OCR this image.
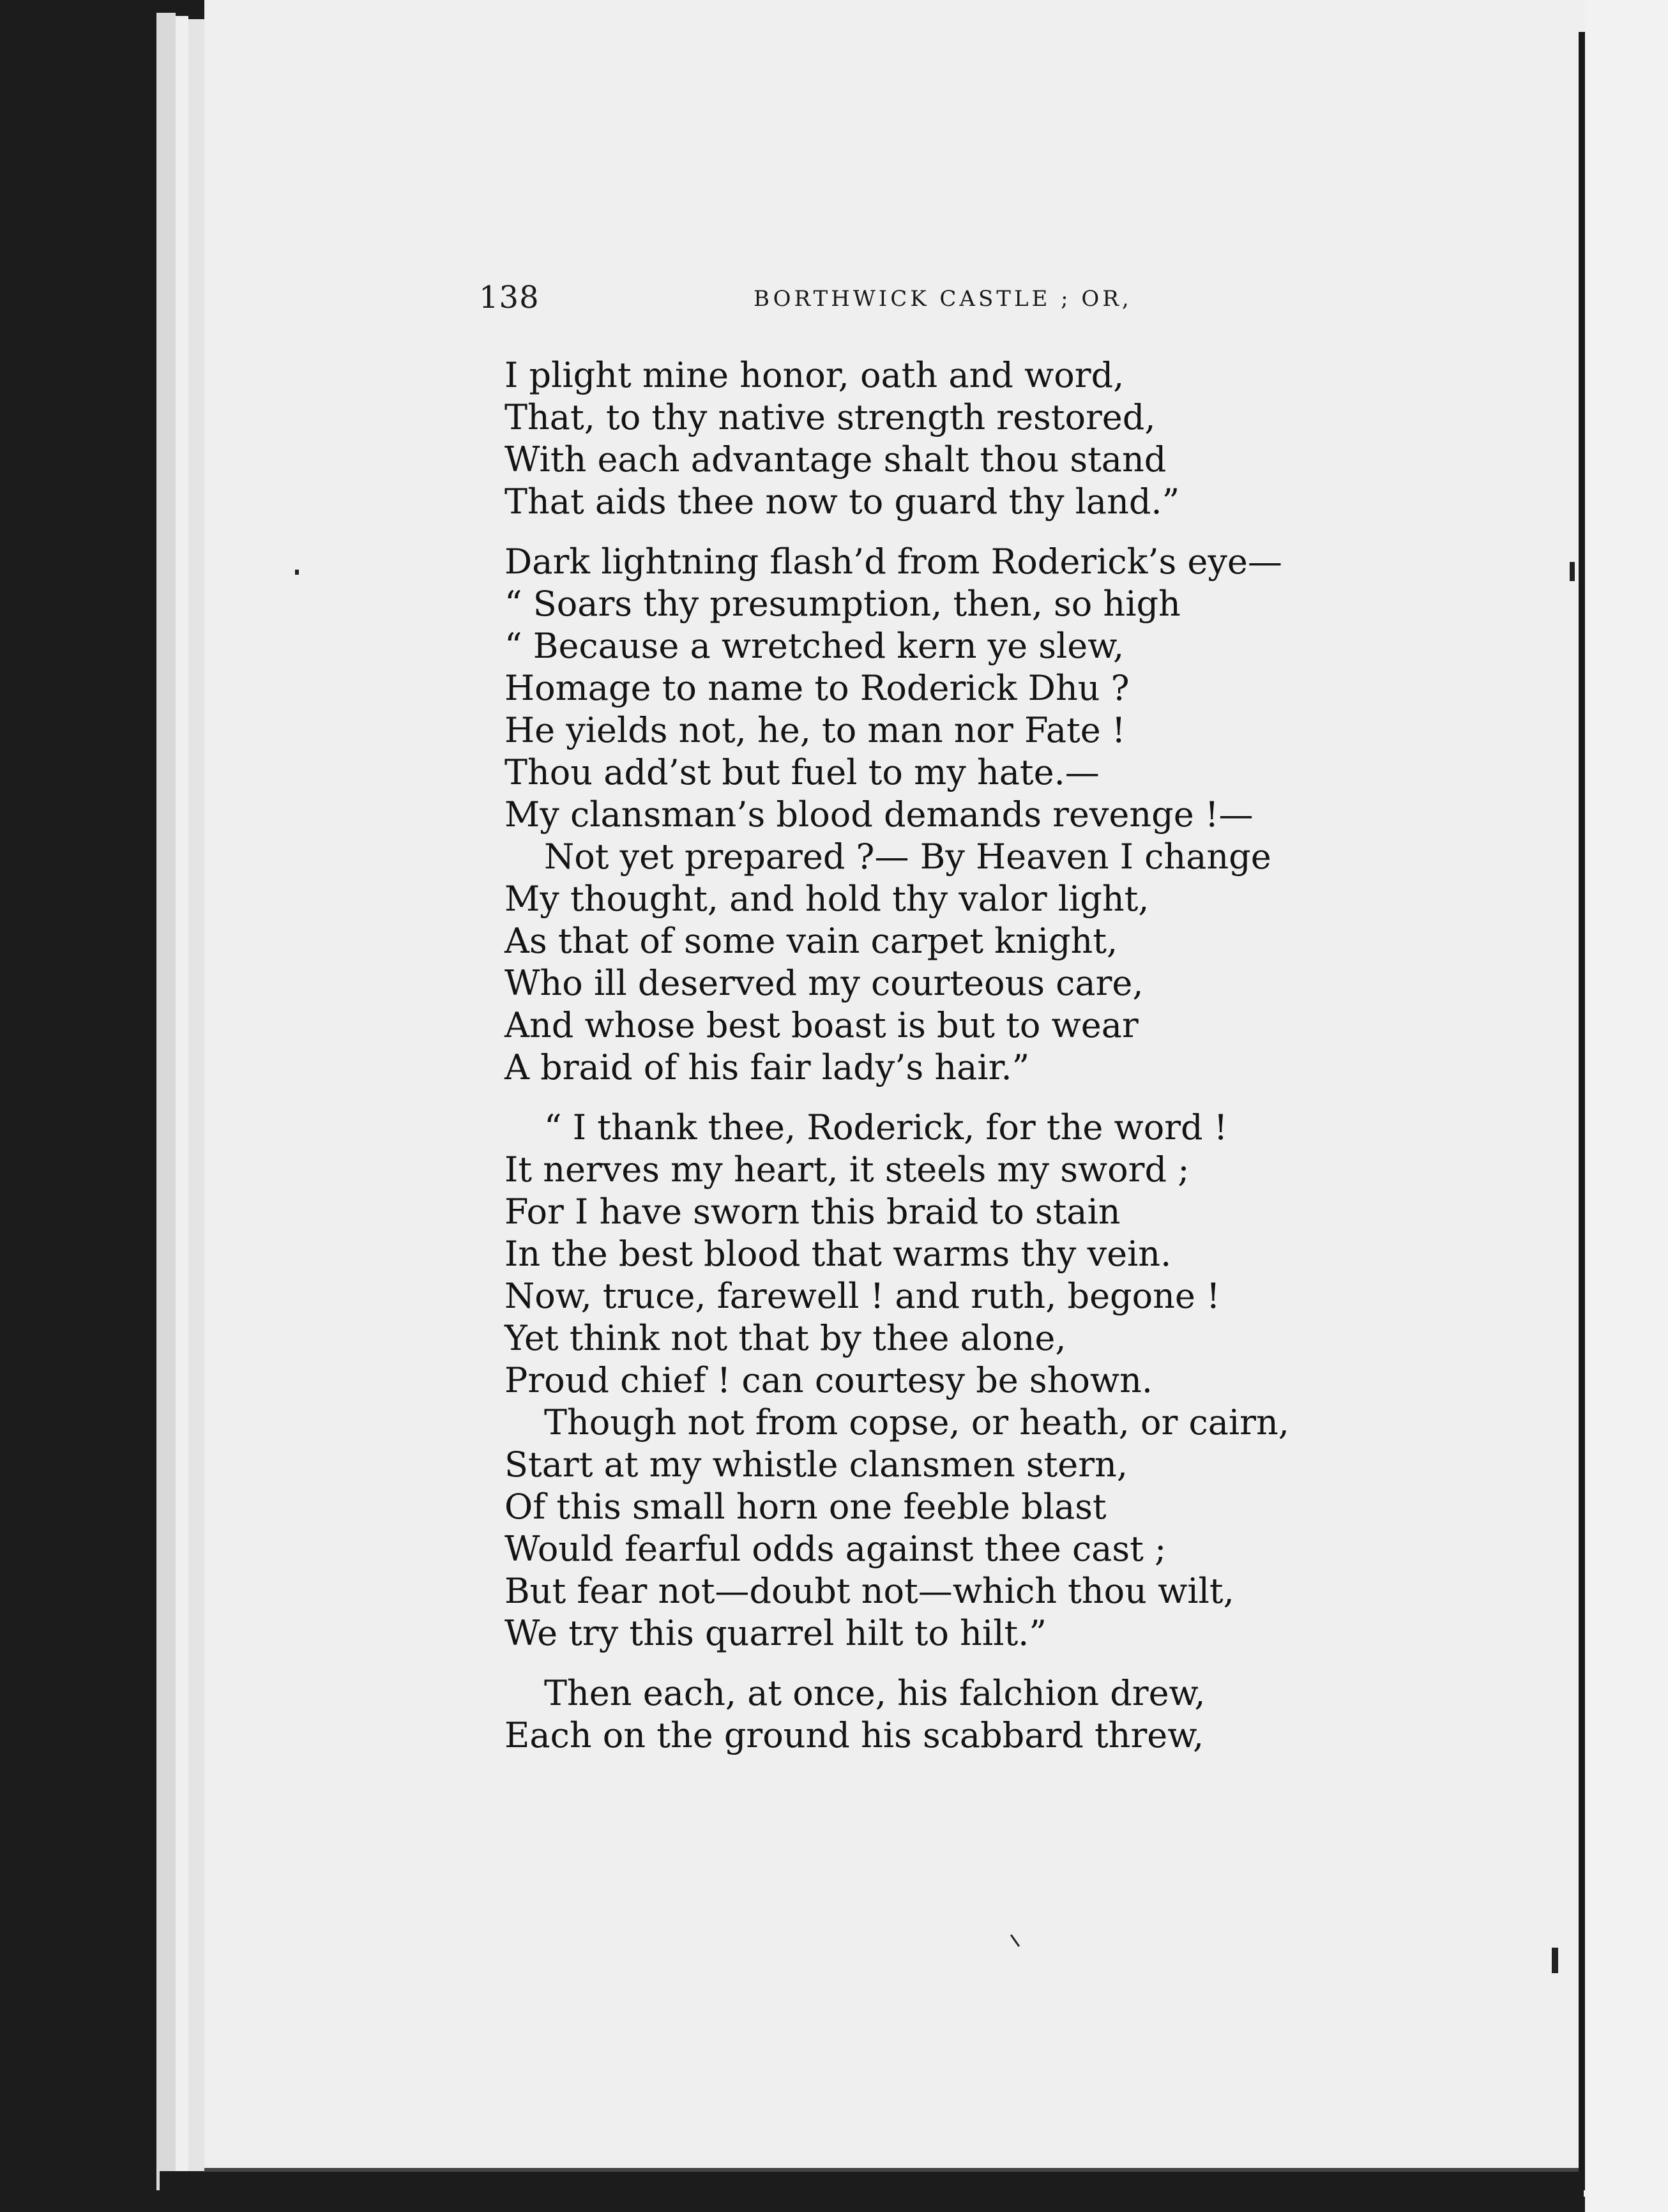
138	BORTHWICK CASTLE ; OR,
I plight mine honor, oath and word,
That, to thy native strength restored,
With each advantage shalt thou stand
That aids thee now to guard thy land.”
Dark lightning flash’d from Roderick’s eye—
“ Soars thy presumption, then, so high
“ Because a wretched kern ye slew,
Homage to name to Roderick Dhu ?
He yields not, he, to man nor Fate !
Thou add’st but fuel to my hate.—
My clansman’s blood demands revenge !—
Not yet prepared ?— By Heaven I change
My thought, and hold thy valor light,
As that of some vain carpet knight,
Who ill deserved my courteous care,
And whose best boast is but to wear
A braid of his fair lady’s hair.”
“ I thank thee, Roderick, for the word !
It nerves my heart, it steels my sword ;
For I have sworn this braid to stain
In the best blood that warms thy vein.
Now, truce, farewell ! and ruth, begone !
Yet think not that by thee alone,
Proud chief ! can courtesy be shown.
Though not from copse, or heath, or cairn,
Start at my whistle clansmen stern,
Of this small horn one feeble blast
Would fearful odds against thee cast ;
But fear not—doubt not—which thou wilt,
We try this quarrel hilt to hilt.”
Then each, at once, his falchion drew,
Each on the ground his scabbard threw,
